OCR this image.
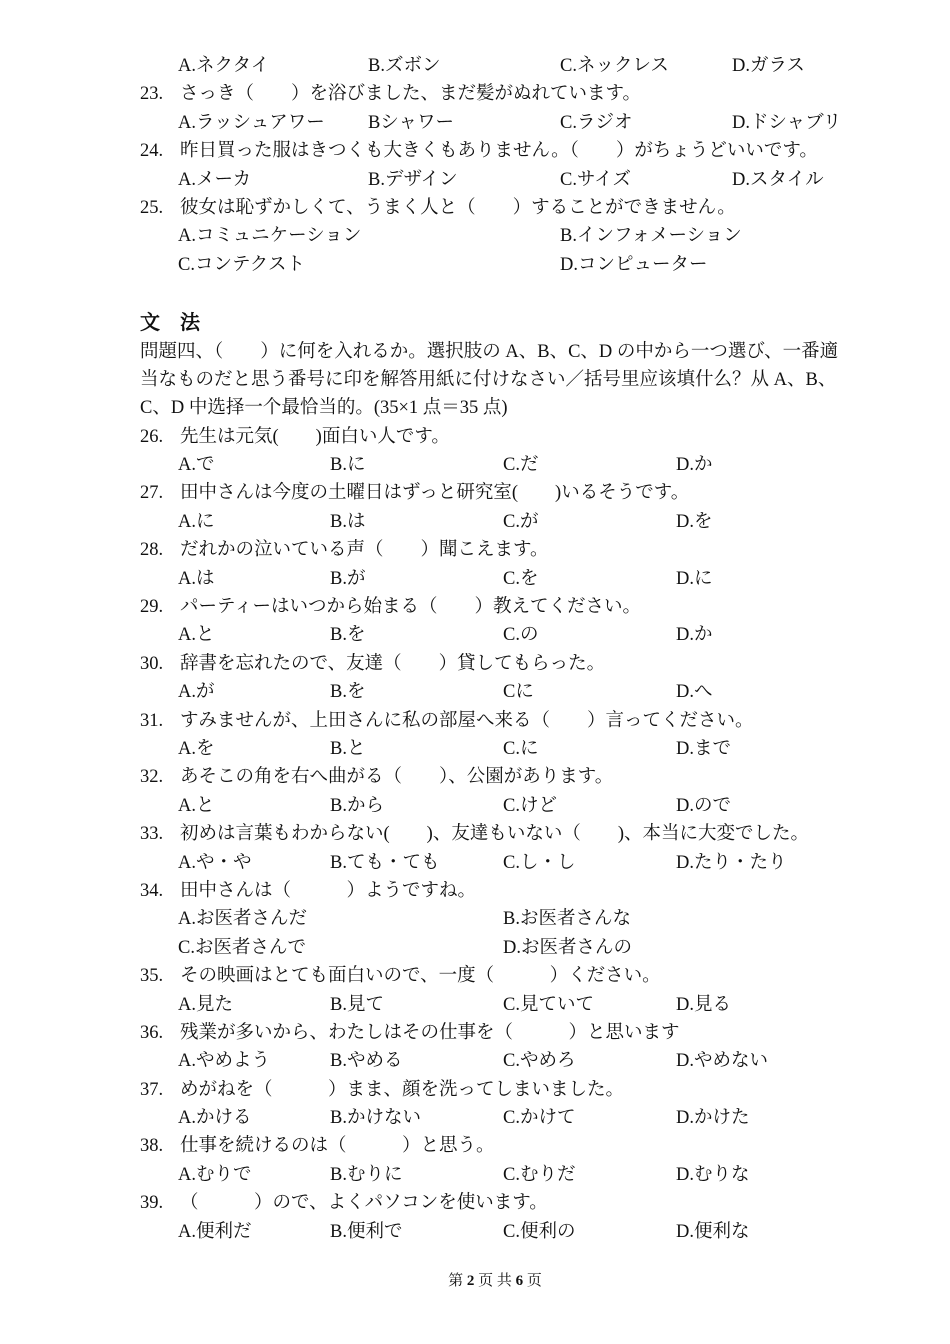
A.ネクタイ	B.ズボン	C.ネックレス	D.ガラス
23. さっき（　　）を浴びました、まだ髪がぬれています。
A.ラッシュアワー Bシャワー	C.ラジオ	D.ドシャブリ
24. 昨日買った服はきつくも大きくもありません。（　　）がちょうどいいです。
A.メーカ	B.デザイン	C.サイズ	D.スタイル
25. 彼女は恥ずかしくて、うまく人と（　　）することができません。
A.コミュニケーション	B.インフォメーション
C.コンテクスト	D.コンピューター
文　法
問題四、（　　）に何を入れるか。選択肢の A、B、C、D の中から一つ選び、一番適
当なものだと思う番号に印を解答用紙に付けなさい／括号里应该填什么？从 A、B、
C、D 中选择一个最恰当的。(35×1 点＝35 点)
26. 先生は元気(　　)面白い人です。
A.で	B.に	C.だ	D.か
27. 田中さんは今度の土曜日はずっと研究室(　　)いるそうです。
A.に	B.は	C.が	D.を
28. だれかの泣いている声（　　）聞こえます。
A.は	B.が	C.を	D.に
29. パーティーはいつから始まる（　　）教えてください。
A.と	B.を	C.の	D.か
30. 辞書を忘れたので、友達（　　）貸してもらった。
A.が	B.を	Cに	D.へ
31. すみませんが、上田さんに私の部屋へ来る（　　）言ってください。
A.を	B.と	C.に	D.まで
32. あそこの角を右へ曲がる（　　）、公園があります。
A.と	B.から	C.けど	D.ので
33. 初めは言葉もわからない(　　)、友達もいない（　　)、本当に大変でした。
A.や・や	B.ても・ても	C.し・し	D.たり・たり
34. 田中さんは（　　　）ようですね。
A.お医者さんだ	B.お医者さんな
C.お医者さんで	D.お医者さんの
35. その映画はとても面白いので、一度（　　　）ください。
A.見た	B.見て	C.見ていて	D.見る
36. 残業が多いから、わたしはその仕事を（　　　）と思います
A.やめよう	B.やめる	C.やめろ	D.やめない
37. めがねを（　　　）まま、顔を洗ってしまいました。
A.かける	B.かけない	C.かけて	D.かけた
38. 仕事を続けるのは（　　　）と思う。
A.むりで	B.むりに	C.むりだ	D.むりな
39. （　　　）ので、よくパソコンを使います。
A.便利だ	B.便利で	C.便利の	D.便利な
第 2 页 共 6 页
